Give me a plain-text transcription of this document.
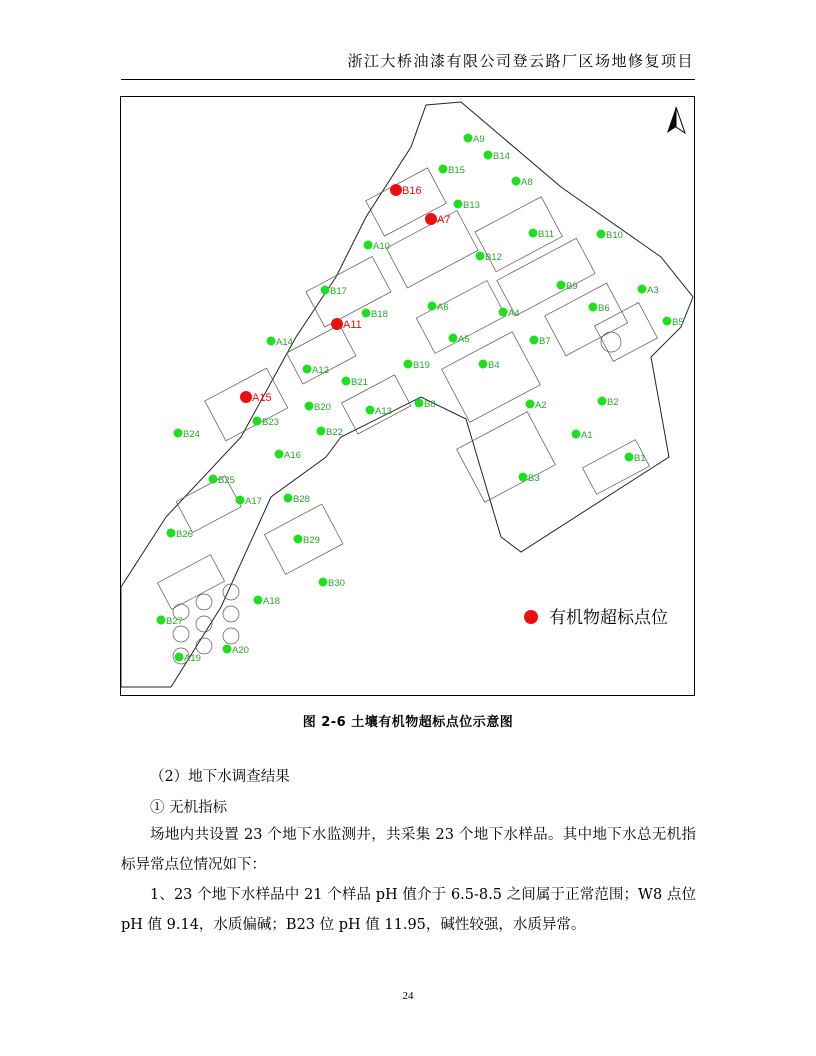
浙江大桥油漆有限公司登云路厂区场地修复项目
A9
B14
B15
A8
B16
B13
A7
B11	B10
A10
B12
B9	A3
B17
A6	B6
B18	A4
B5
A11
A5	B7
A14
B19	B4
A12
B21
A15
B20	A13
B8	A2	B2
B23
B24	B22	A1
A16	B1
B3
B25
A17	B28
B26
B29
B30
A18
B27
A20
A19
有机物超标点位
图 2-6 土壤有机物超标点位示意图
（2）地下水调查结果
① 无机指标

场地内共设置 23 个地下水监测井，共采集 23 个地下水样品。其中地下水总无机指标异常点位情况如下：

1、23 个地下水样品中 21 个样品 pH 值介于 6.5-8.5 之间属于正常范围；W8 点位 pH 值 9.14，水质偏碱；B23 位 pH 值 11.95，碱性较强，水质异常。

24
